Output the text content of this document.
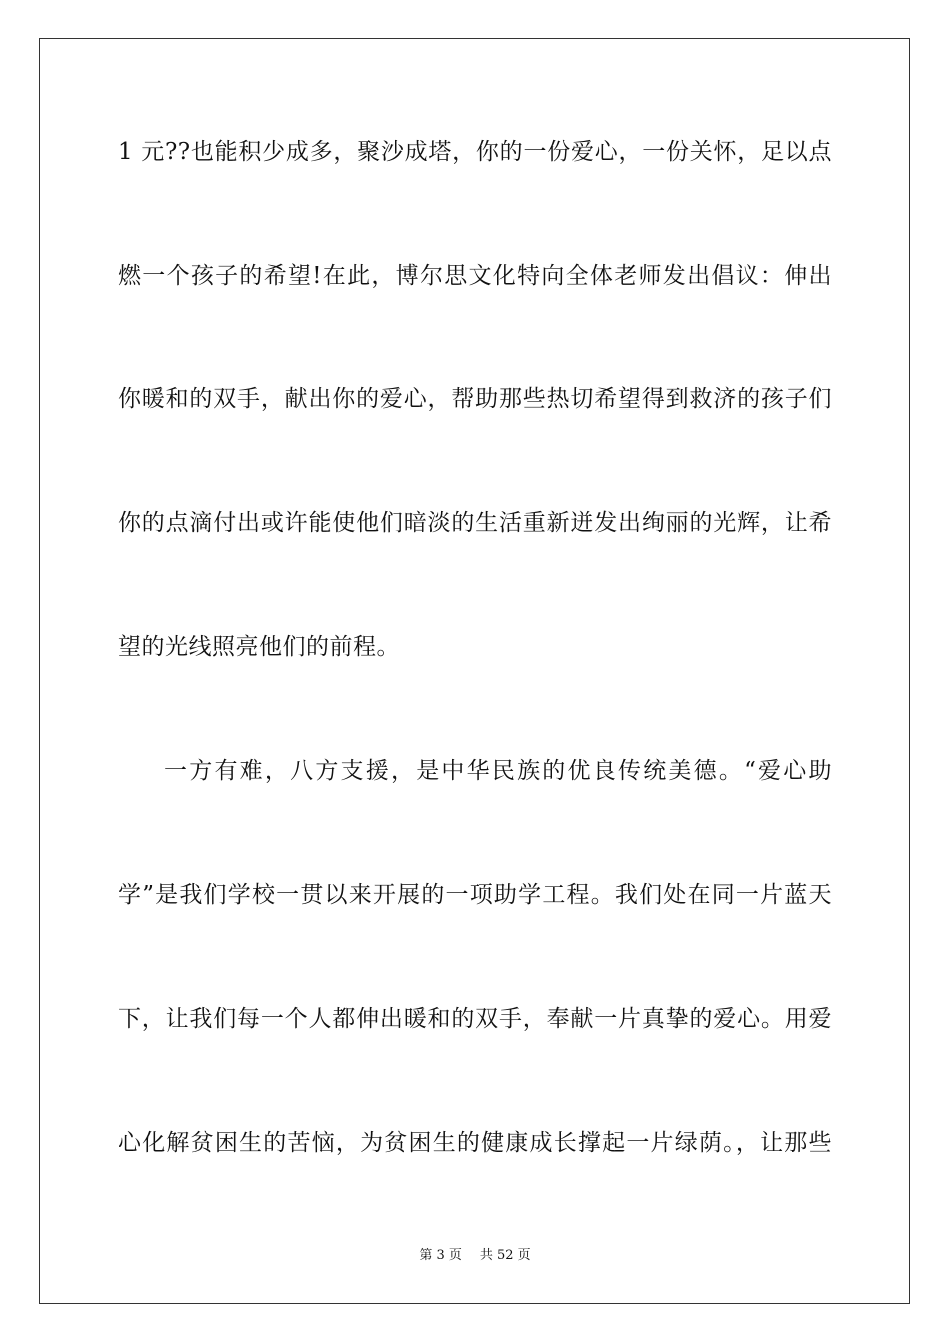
1 元??也能积少成多，聚沙成塔，你的一份爱心，一份关怀，足以点
燃一个孩子的希望!在此，博尔思文化特向全体老师发出倡议：伸出
你暖和的双手，献出你的爱心，帮助那些热切希望得到救济的孩子们
你的点滴付出或许能使他们暗淡的生活重新迸发出绚丽的光辉，让希
望的光线照亮他们的前程。
一方有难，八方支援，是中华民族的优良传统美德。“爱心助
学”是我们学校一贯以来开展的一项助学工程。我们处在同一片蓝天
下，让我们每一个人都伸出暖和的双手，奉献一片真挚的爱心。用爱
心化解贫困生的苦恼，为贫困生的健康成长撑起一片绿荫。，让那些
第 3 页 共 52 页
